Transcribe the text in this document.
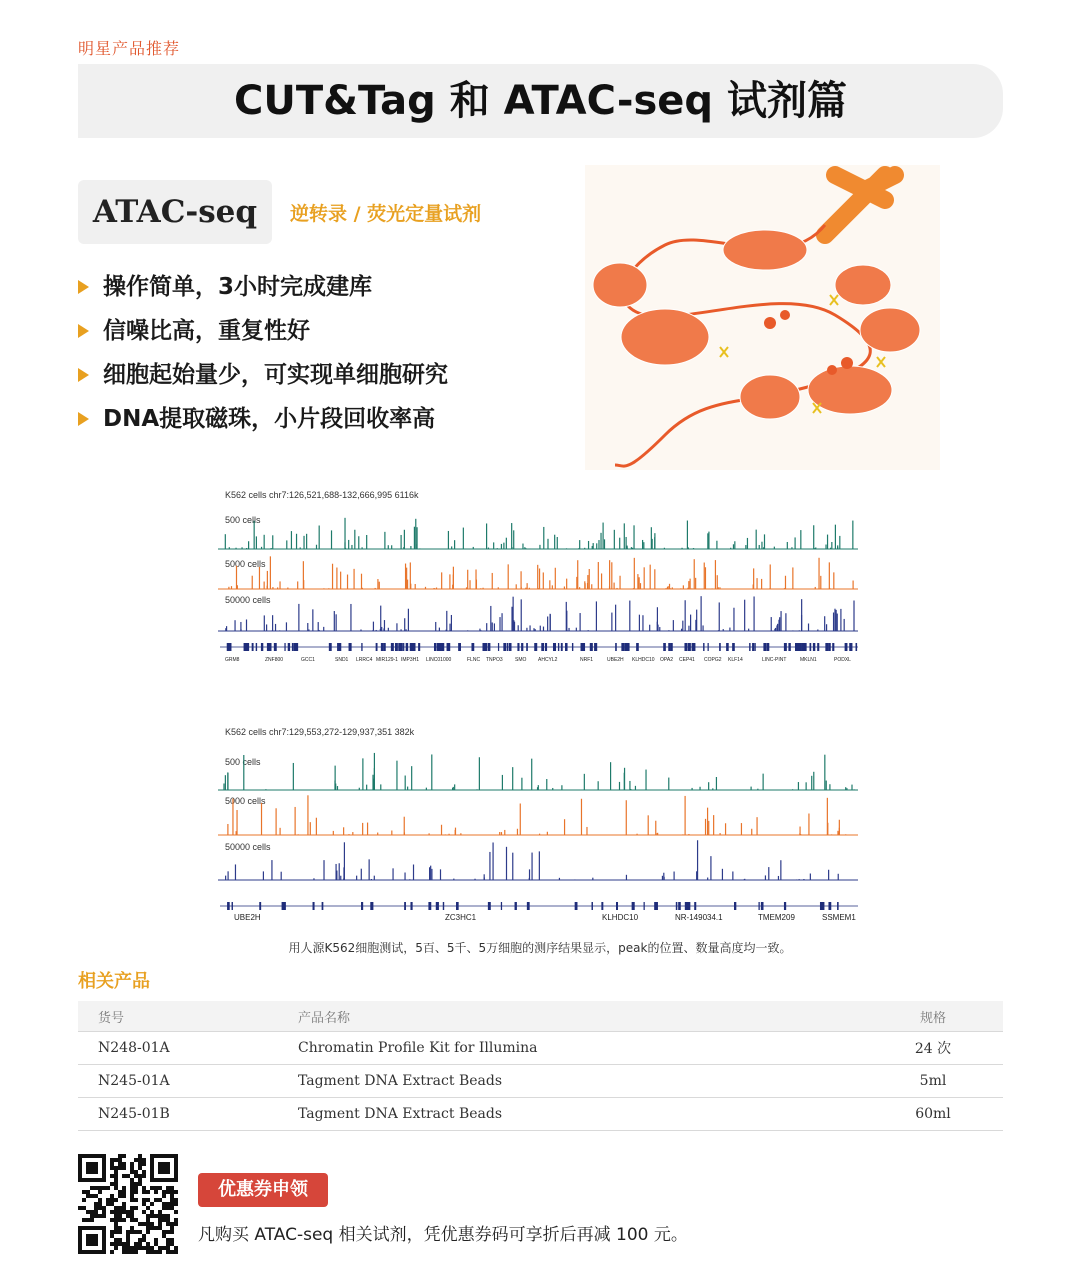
明星产品推荐
CUT&Tag 和 ATAC-seq 试剂篇
ATAC-seq	逆转录 / 荧光定量试剂
操作简单，3小时完成建库
信噪比高，重复性好
细胞起始量少，可实现单细胞研究
DNA提取磁珠，小片段回收率高
K562 cells chr7:126,521,688-132,666,995 6116k
500 cells
5000 cells
50000 cells
GRM8	ZNF800	GCC1	SND1 LRRC4 MIR129-1 IMP3H1 LINC01000	FLNC TNPO3 SMO AHCYL2	NRF1	UBE2H KLHDC10 OPA2 CEP41 COPG2 KLF14	LINC-PINT	MKLN1	PODXL
K562 cells chr7:129,553,272-129,937,351 382k
500 cells
5000 cells
50000 cells
UBE2H	ZC3HC1	KLHDC10	NR-149034.1	TMEM209	SSMEM1
用人源K562细胞测试，5百、5千、5万细胞的测序结果显示，peak的位置、数量高度均一致。
相关产品
货号	产品名称	规格
N248-01A	Chromatin Profile Kit for Illumina	24 次
N245-01A	Tagment DNA Extract Beads	5ml
N245-01B	Tagment DNA Extract Beads	60ml
优惠券申领
凡购买 ATAC-seq 相关试剂，凭优惠券码可享折后再减 100 元。
